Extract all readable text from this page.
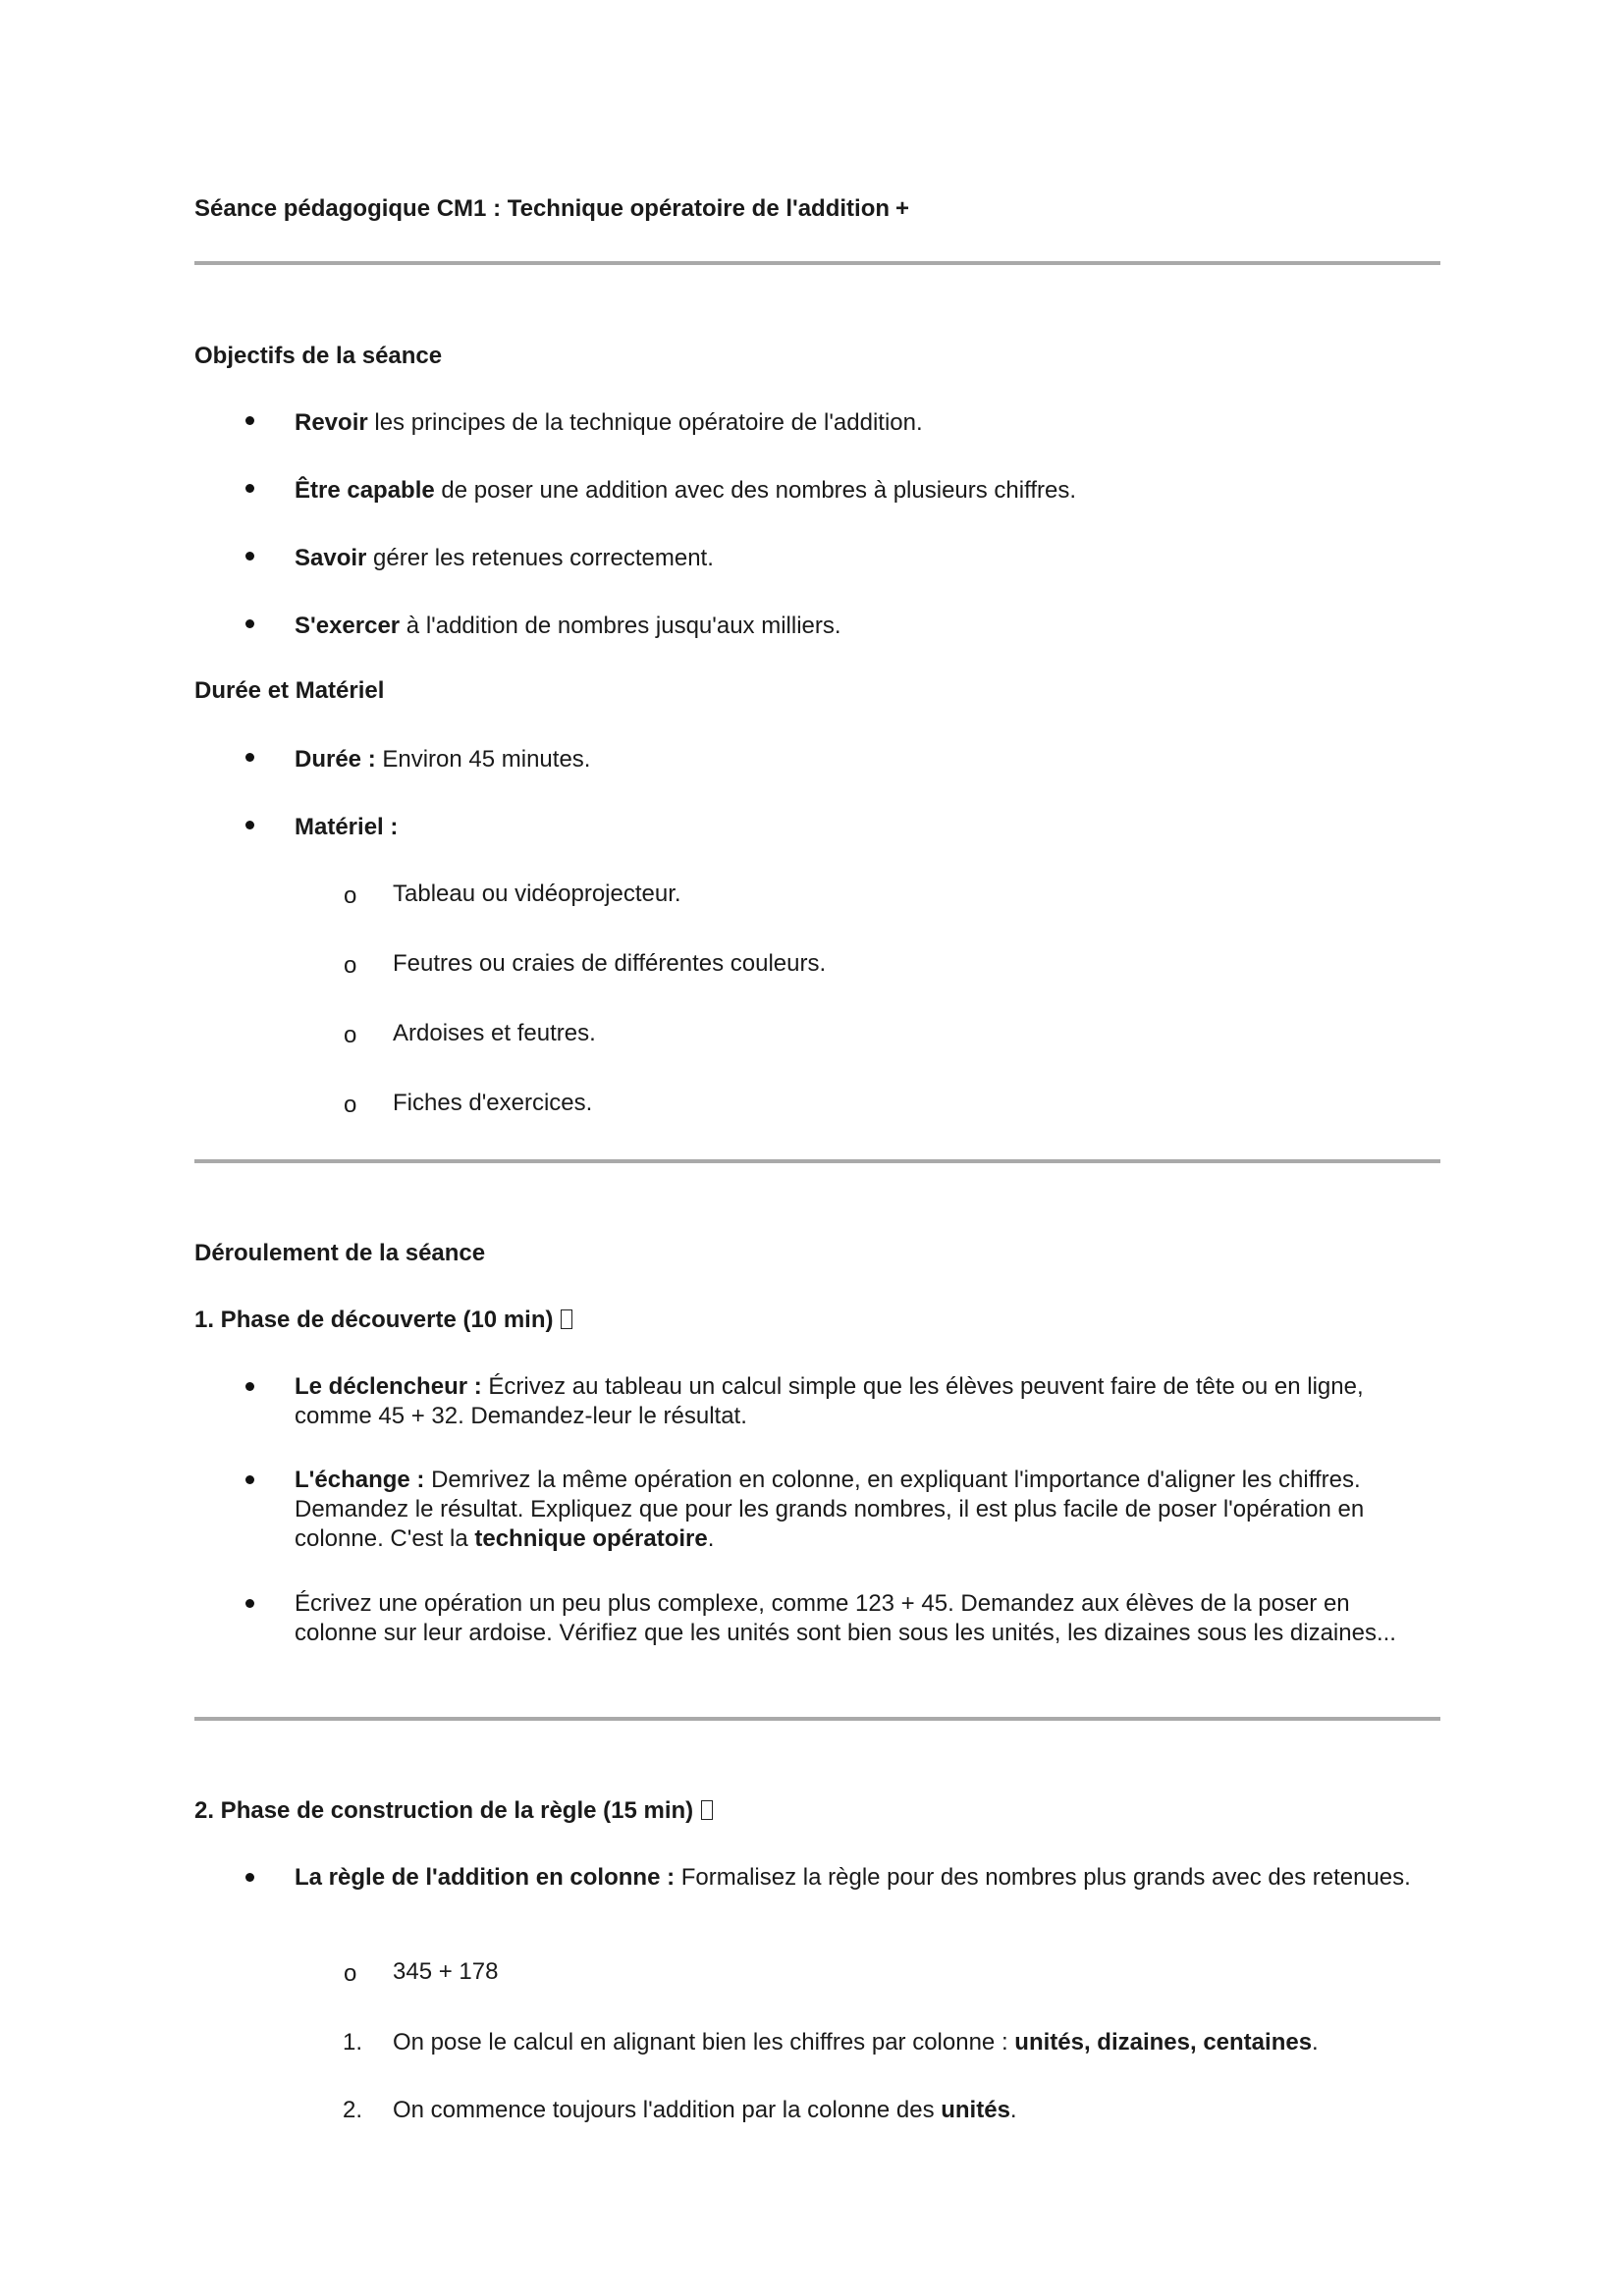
Séance pédagogique CM1 : Technique opératoire de l'addition +
Objectifs de la séance
Revoir les principes de la technique opératoire de l'addition.
Être capable de poser une addition avec des nombres à plusieurs chiffres.
Savoir gérer les retenues correctement.
S'exercer à l'addition de nombres jusqu'aux milliers.
Durée et Matériel
Durée : Environ 45 minutes.
Matériel :
o Tableau ou vidéoprojecteur.
o Feutres ou craies de différentes couleurs.
o Ardoises et feutres.
o Fiches d'exercices.
Déroulement de la séance
1. Phase de découverte (10 min)
Le déclencheur : Écrivez au tableau un calcul simple que les élèves peuvent faire de tête ou en ligne, comme 45 + 32. Demandez-leur le résultat.
L'échange : Demrivez la même opération en colonne, en expliquant l'importance d'aligner les chiffres. Demandez le résultat. Expliquez que pour les grands nombres, il est plus facile de poser l'opération en colonne. C'est la technique opératoire.
Écrivez une opération un peu plus complexe, comme 123 + 45. Demandez aux élèves de la poser en colonne sur leur ardoise. Vérifiez que les unités sont bien sous les unités, les dizaines sous les dizaines...
2. Phase de construction de la règle (15 min)
La règle de l'addition en colonne : Formalisez la règle pour des nombres plus grands avec des retenues.
o 345 + 178
1. On pose le calcul en alignant bien les chiffres par colonne : unités, dizaines, centaines.
2. On commence toujours l'addition par la colonne des unités.
